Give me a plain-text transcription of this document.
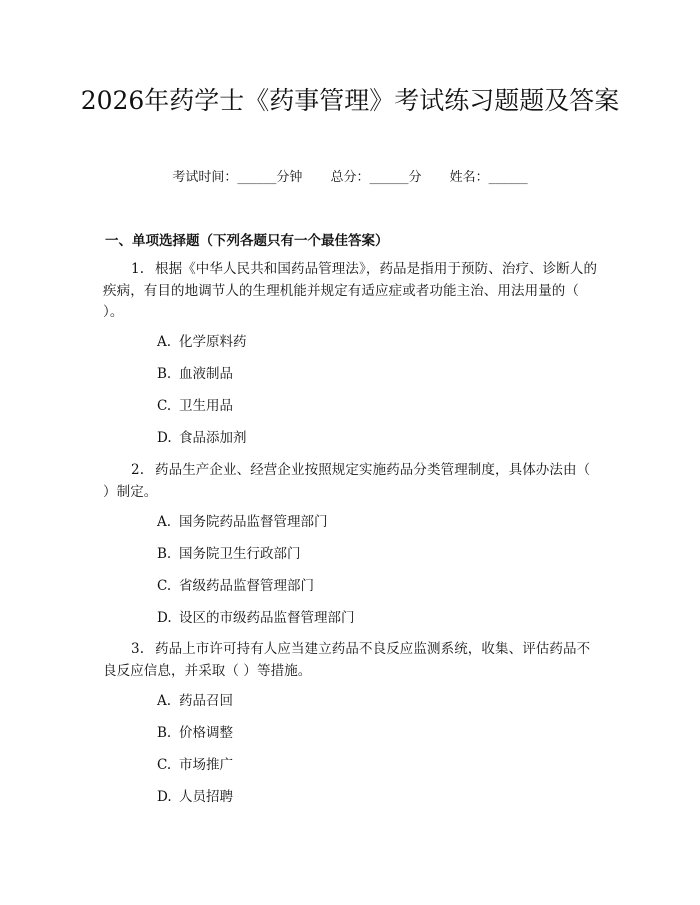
2026年药学士《药事管理》考试练习题题及答案
考试时间：______分钟 总分：______分 姓名：______
一、单项选择题（下列各题只有一个最佳答案）

1. 根据《中华人民共和国药品管理法》，药品是指用于预防、治疗、诊断人的疾病，有目的地调节人的生理机能并规定有适应症或者功能主治、用法用量的（ ）。

A. 化学原料药

B. 血液制品

C. 卫生用品

D. 食品添加剂

2. 药品生产企业、经营企业按照规定实施药品分类管理制度，具体办法由（ ）制定。

A. 国务院药品监督管理部门

B. 国务院卫生行政部门

C. 省级药品监督管理部门

D. 设区的市级药品监督管理部门

3. 药品上市许可持有人应当建立药品不良反应监测系统，收集、评估药品不良反应信息，并采取（ ）等措施。

A. 药品召回

B. 价格调整

C. 市场推广

D. 人员招聘
